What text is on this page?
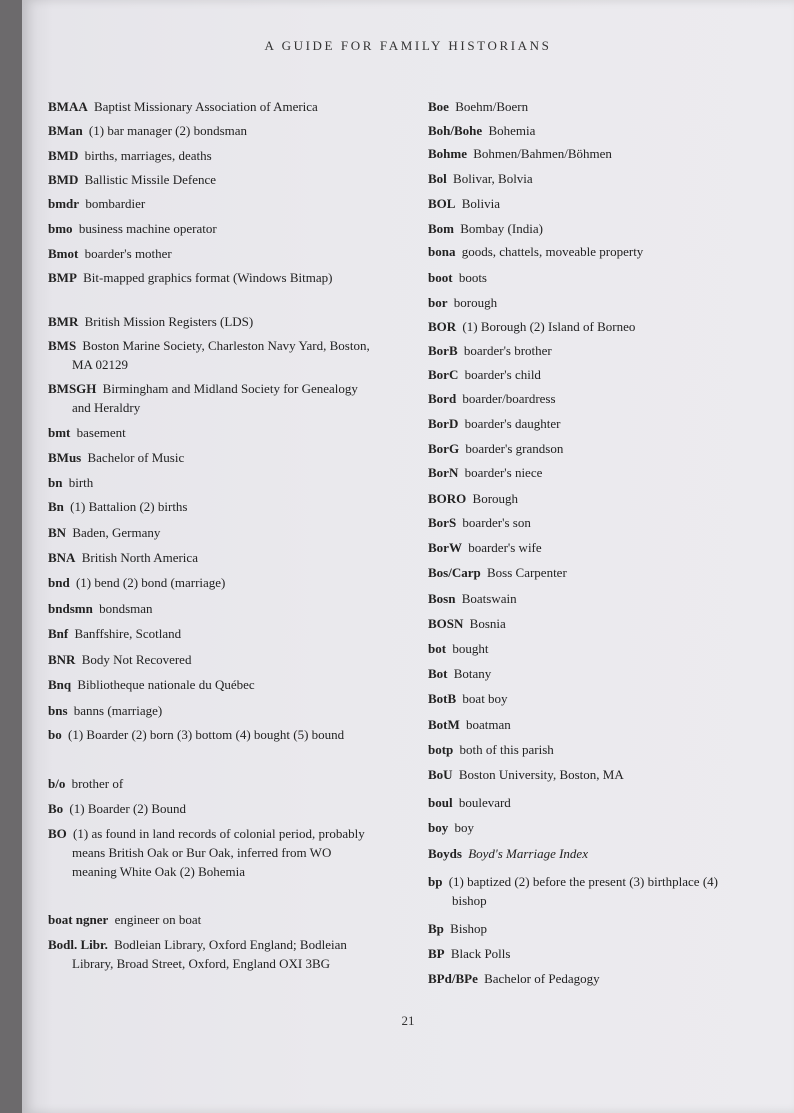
A GUIDE FOR FAMILY HISTORIANS
BMAA Baptist Missionary Association of America
BMan (1) bar manager (2) bondsman
BMD births, marriages, deaths
BMD Ballistic Missile Defence
bmdr bombardier
bmo business machine operator
Bmot boarder's mother
BMP Bit-mapped graphics format (Windows Bitmap)
BMR British Mission Registers (LDS)
BMS Boston Marine Society, Charleston Navy Yard, Boston, MA 02129
BMSGH Birmingham and Midland Society for Genealogy and Heraldry
bmt basement
BMus Bachelor of Music
bn birth
Bn (1) Battalion (2) births
BN Baden, Germany
BNA British North America
bnd (1) bend (2) bond (marriage)
bndsmn bondsman
Bnf Banffshire, Scotland
BNR Body Not Recovered
Bnq Bibliotheque nationale du Québec
bns banns (marriage)
bo (1) Boarder (2) born (3) bottom (4) bought (5) bound
b/o brother of
Bo (1) Boarder (2) Bound
BO (1) as found in land records of colonial period, probably means British Oak or Bur Oak, inferred from WO meaning White Oak (2) Bohemia
boat ngner engineer on boat
Bodl. Libr. Bodleian Library, Oxford England; Bodleian Library, Broad Street, Oxford, England OXI 3BG
Boe Boehm/Boern
Boh/Bohe Bohemia
Bohme Bohmen/Bahmen/Böhmen
Bol Bolivar, Bolvia
BOL Bolivia
Bom Bombay (India)
bona goods, chattels, moveable property
boot boots
bor borough
BOR (1) Borough (2) Island of Borneo
BorB boarder's brother
BorC boarder's child
Bord boarder/boardress
BorD boarder's daughter
BorG boarder's grandson
BorN boarder's niece
BORO Borough
BorS boarder's son
BorW boarder's wife
Bos/Carp Boss Carpenter
Bosn Boatswain
BOSN Bosnia
bot bought
Bot Botany
BotB boat boy
BotM boatman
botp both of this parish
BoU Boston University, Boston, MA
boul boulevard
boy boy
Boyds Boyd's Marriage Index
bp (1) baptized (2) before the present (3) birthplace (4) bishop
Bp Bishop
BP Black Polls
BPd/BPe Bachelor of Pedagogy
21
